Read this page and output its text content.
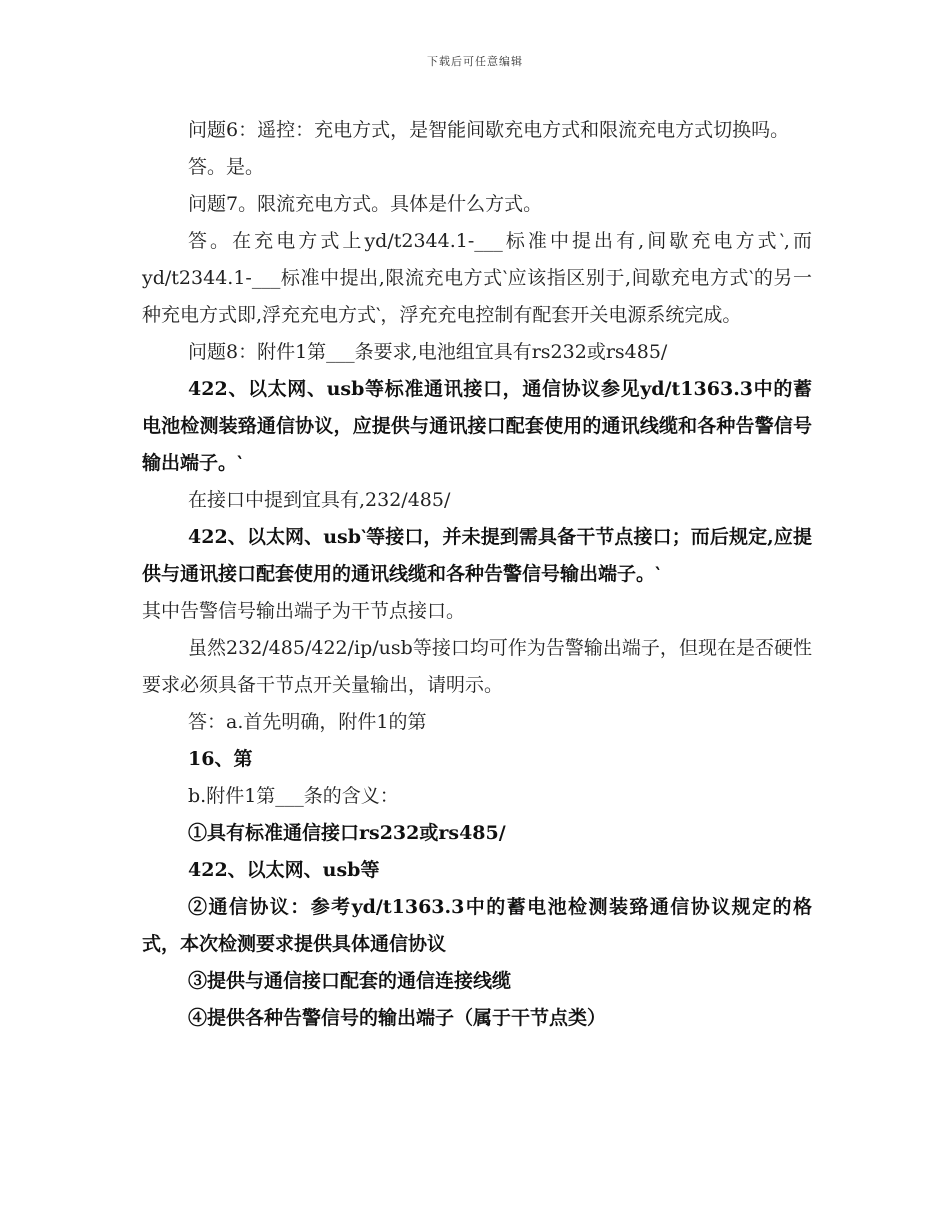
下载后可任意编辑

问题6：遥控：充电方式，是智能间歇充电方式和限流充电方式切换吗。

答。是。

问题7。限流充电方式。具体是什么方式。

答。在充电方式上yd/t2344.1-___标准中提出有,间歇充电方式‵,而yd/t2344.1-___标准中提出,限流充电方式‵应该指区别于,间歇充电方式‵的另一种充电方式即,浮充充电方式‵，浮充充电控制有配套开关电源系统完成。

问题8：附件1第___条要求,电池组宜具有rs232或rs485/

422、以太网、usb等标准通讯接口，通信协议参见yd/t1363.3中的蓄电池检测装臵通信协议，应提供与通讯接口配套使用的通讯线缆和各种告警信号输出端子。‵

在接口中提到宜具有,232/485/

422、以太网、usb‵等接口，并未提到需具备干节点接口；而后规定,应提供与通讯接口配套使用的通讯线缆和各种告警信号输出端子。‵

其中告警信号输出端子为干节点接口。

虽然232/485/422/ip/usb等接口均可作为告警输出端子，但现在是否硬性要求必须具备干节点开关量输出，请明示。

答：a.首先明确，附件1的第

16、第

b.附件1第___条的含义：

①具有标准通信接口rs232或rs485/

422、以太网、usb等

②通信协议：参考yd/t1363.3中的蓄电池检测装臵通信协议规定的格式，本次检测要求提供具体通信协议

③提供与通信接口配套的通信连接线缆

④提供各种告警信号的输出端子（属于干节点类）
